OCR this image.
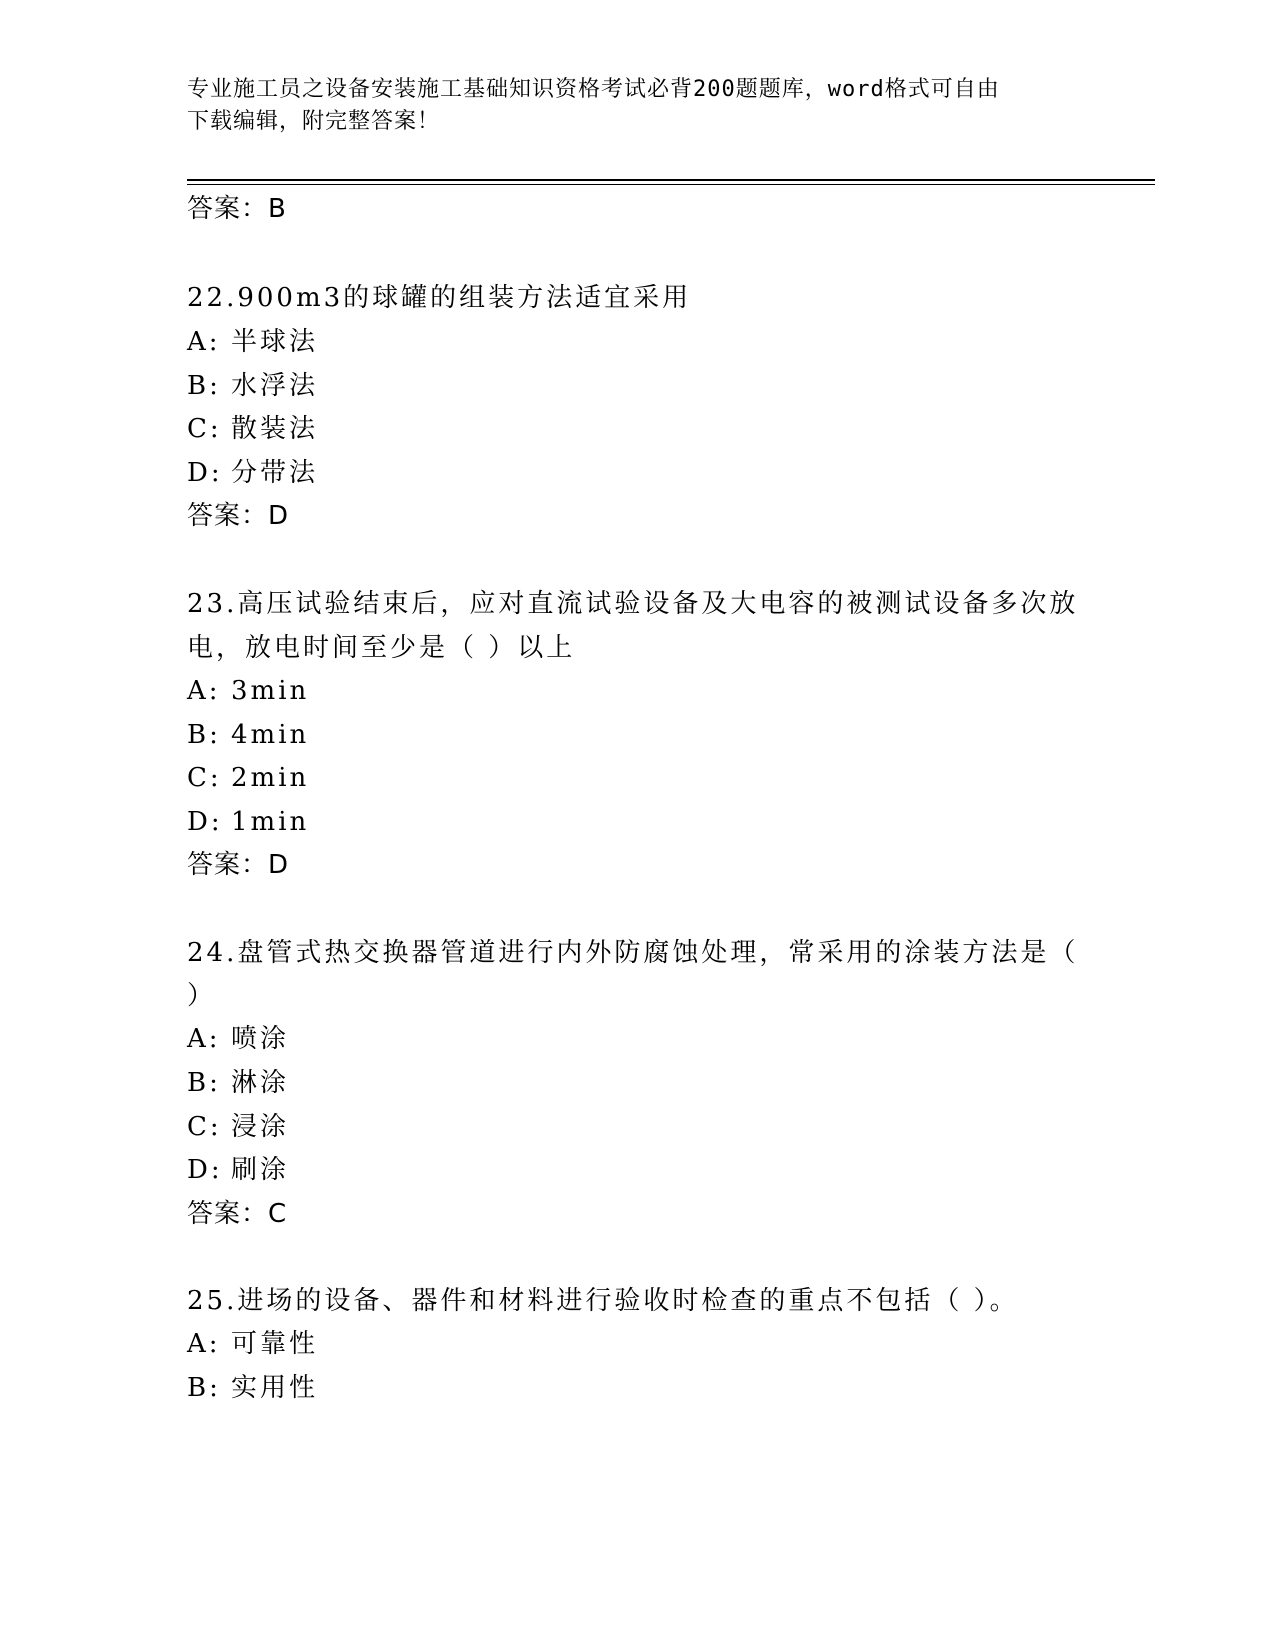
专业施工员之设备安装施工基础知识资格考试必背200题题库，word格式可自由
下载编辑，附完整答案！
答案：B
22.900m3的球罐的组装方法适宜采用
A: 半球法
B: 水浮法
C: 散装法
D: 分带法
答案：D
23.高压试验结束后，应对直流试验设备及大电容的被测试设备多次放
电，放电时间至少是（ ）以上
A: 3min
B: 4min
C: 2min
D: 1min
答案：D
24.盘管式热交换器管道进行内外防腐蚀处理，常采用的涂装方法是（
）
A: 喷涂
B: 淋涂
C: 浸涂
D: 刷涂
答案：C
25.进场的设备、器件和材料进行验收时检查的重点不包括（ ）。
A: 可靠性
B: 实用性
